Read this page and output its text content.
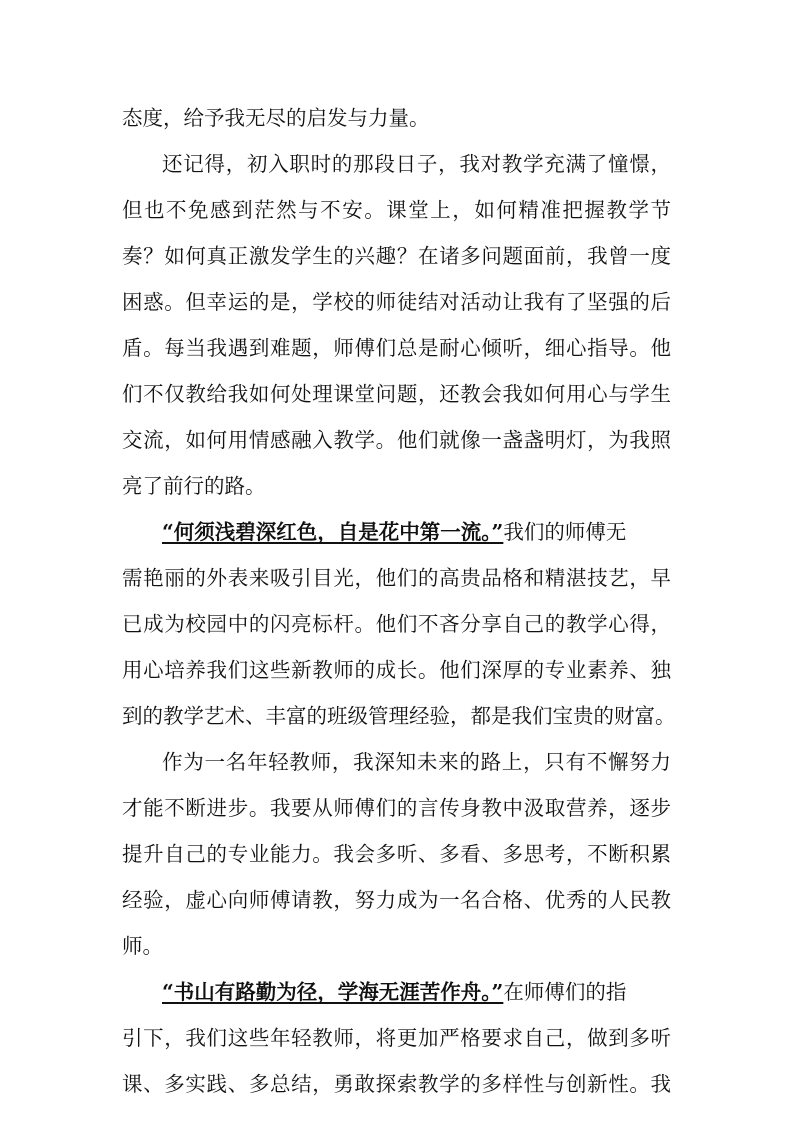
态度，给予我无尽的启发与力量。
还记得，初入职时的那段日子，我对教学充满了憧憬，
但也不免感到茫然与不安。课堂上，如何精准把握教学节
奏？如何真正激发学生的兴趣？在诸多问题面前，我曾一度
困惑。但幸运的是，学校的师徒结对活动让我有了坚强的后
盾。每当我遇到难题，师傅们总是耐心倾听，细心指导。他
们不仅教给我如何处理课堂问题，还教会我如何用心与学生
交流，如何用情感融入教学。他们就像一盏盏明灯，为我照
亮了前行的路。
“何须浅碧深红色，自是花中第一流。”我们的师傅无
需艳丽的外表来吸引目光，他们的高贵品格和精湛技艺，早
已成为校园中的闪亮标杆。他们不吝分享自己的教学心得，
用心培养我们这些新教师的成长。他们深厚的专业素养、独
到的教学艺术、丰富的班级管理经验，都是我们宝贵的财富。
作为一名年轻教师，我深知未来的路上，只有不懈努力
才能不断进步。我要从师傅们的言传身教中汲取营养，逐步
提升自己的专业能力。我会多听、多看、多思考，不断积累
经验，虚心向师傅请教，努力成为一名合格、优秀的人民教
师。
“书山有路勤为径，学海无涯苦作舟。”在师傅们的指
引下，我们这些年轻教师，将更加严格要求自己，做到多听
课、多实践、多总结，勇敢探索教学的多样性与创新性。我
